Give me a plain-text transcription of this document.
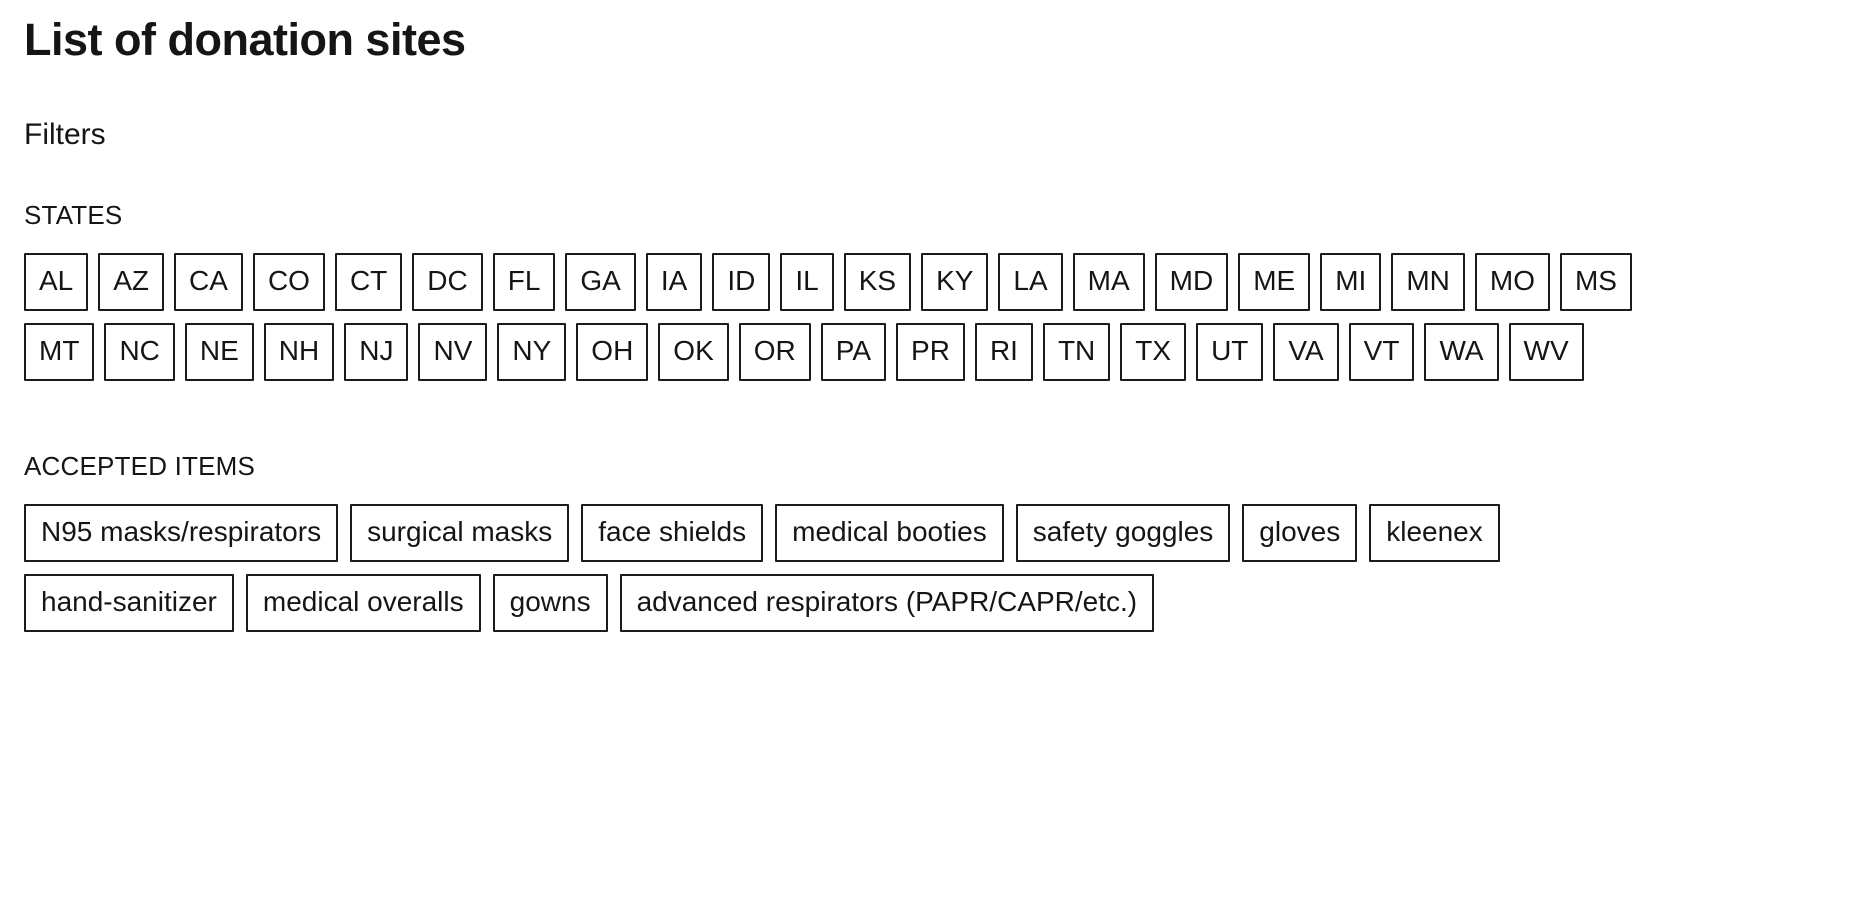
List of donation sites
Filters
STATES
AL	AZ	CA	CO	CT	DC	FL	GA	IA	ID	IL	KS	KY	LA	MA	MD	ME	MI	MN	MO	MS
MT	NC	NE	NH	NJ	NV	NY	OH	OK	OR	PA	PR	RI	TN	TX	UT	VA	VT	WA	WV
ACCEPTED ITEMS
N95 masks/respirators	surgical masks	face shields	medical booties	safety goggles	gloves	kleenex
hand-sanitizer	medical overalls	gowns	advanced respirators (PAPR/CAPR/etc.)
